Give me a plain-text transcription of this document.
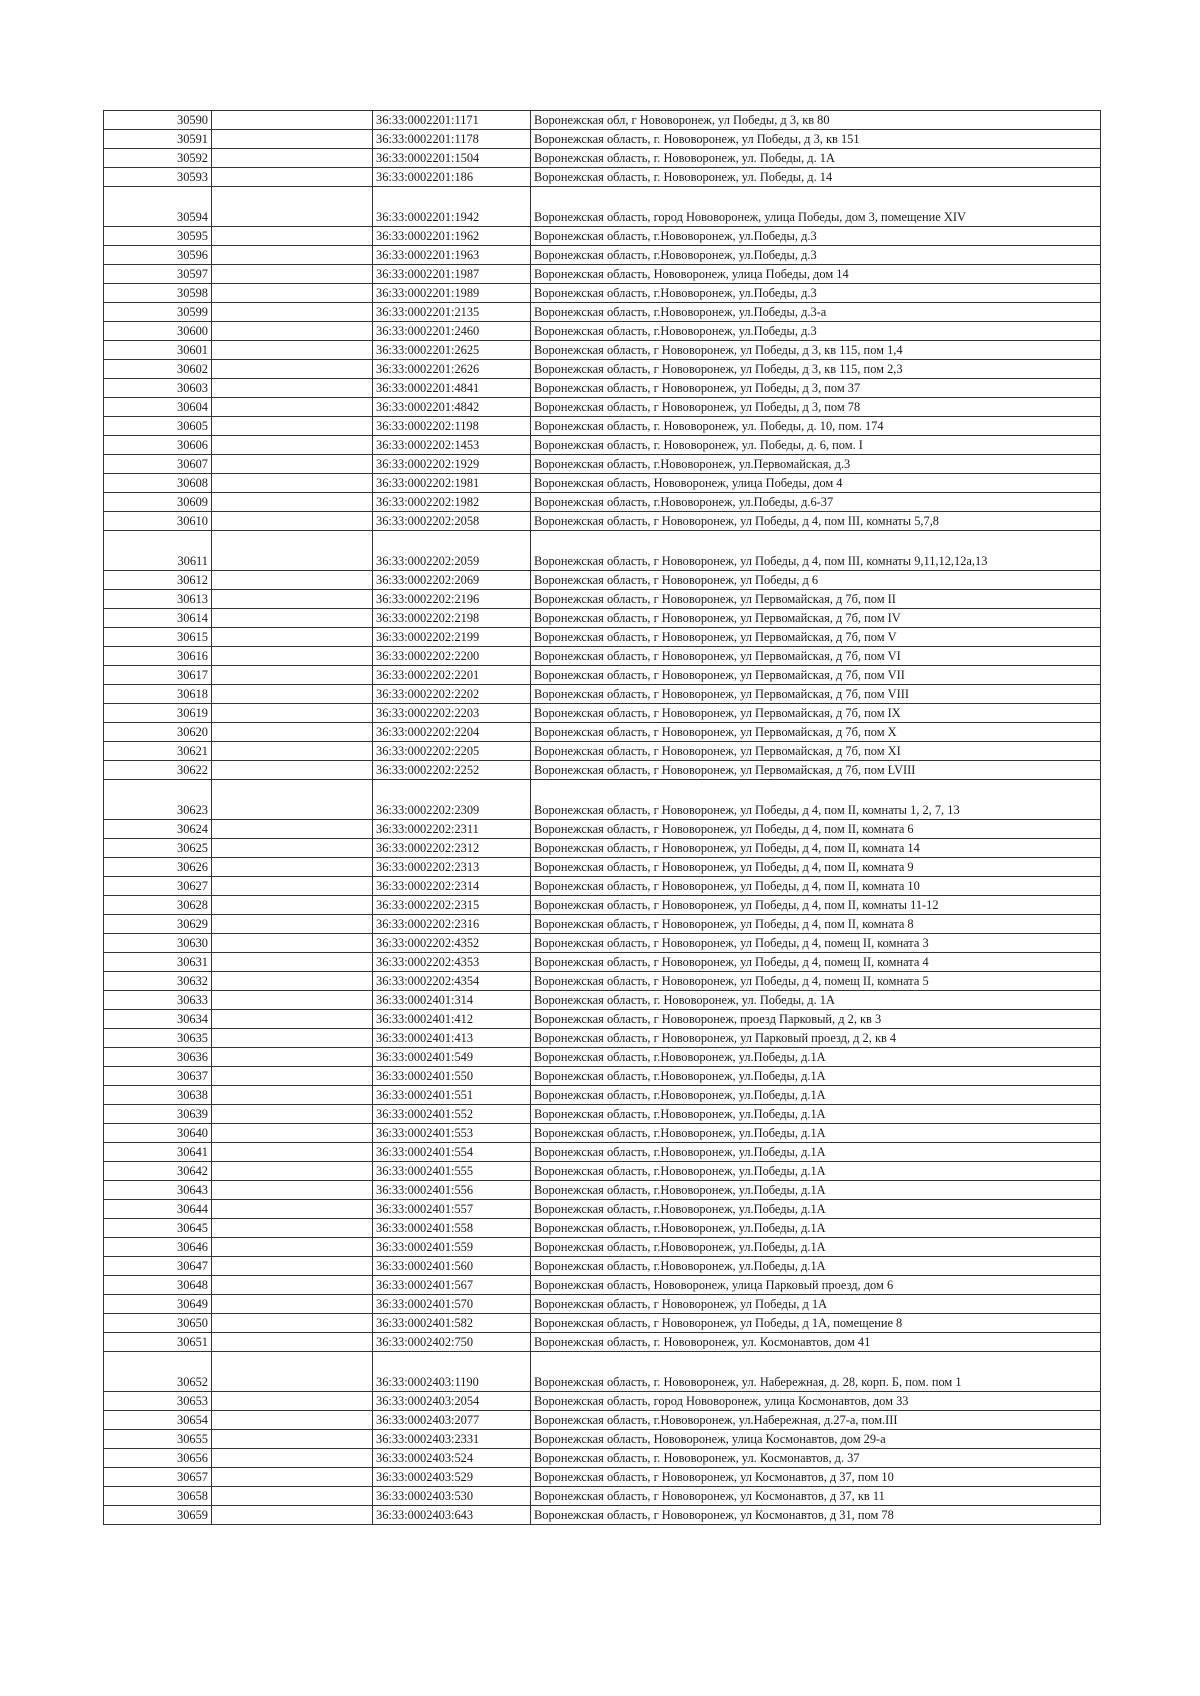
30590		36:33:0002201:1171	Воронежская обл, г Нововоронеж, ул Победы, д 3, кв 80
30591		36:33:0002201:1178	Воронежская область, г. Нововоронеж, ул Победы, д 3, кв 151
30592		36:33:0002201:1504	Воронежская область, г. Нововоронеж, ул. Победы, д. 1А
30593		36:33:0002201:186	Воронежская область, г. Нововоронеж, ул. Победы, д. 14
30594		36:33:0002201:1942	Воронежская область, город Нововоронеж, улица Победы, дом 3, помещение XIV
30595		36:33:0002201:1962	Воронежская область, г.Нововоронеж, ул.Победы, д.3
30596		36:33:0002201:1963	Воронежская область, г.Нововоронеж, ул.Победы, д.3
30597		36:33:0002201:1987	Воронежская область, Нововоронеж, улица Победы, дом 14
30598		36:33:0002201:1989	Воронежская область, г.Нововоронеж, ул.Победы, д.3
30599		36:33:0002201:2135	Воронежская область, г.Нововоронеж, ул.Победы, д.3-а
30600		36:33:0002201:2460	Воронежская область, г.Нововоронеж, ул.Победы, д.3
30601		36:33:0002201:2625	Воронежская область, г Нововоронеж, ул Победы, д 3, кв 115, пом 1,4
30602		36:33:0002201:2626	Воронежская область, г Нововоронеж, ул Победы, д 3, кв 115, пом 2,3
30603		36:33:0002201:4841	Воронежская область, г Нововоронеж, ул Победы, д 3, пом 37
30604		36:33:0002201:4842	Воронежская область, г Нововоронеж, ул Победы, д 3, пом 78
30605		36:33:0002202:1198	Воронежская область, г. Нововоронеж, ул. Победы, д. 10, пом. 174
30606		36:33:0002202:1453	Воронежская область, г. Нововоронеж, ул. Победы, д. 6, пом. I
30607		36:33:0002202:1929	Воронежская область, г.Нововоронеж, ул.Первомайская, д.3
30608		36:33:0002202:1981	Воронежская область, Нововоронеж, улица Победы, дом 4
30609		36:33:0002202:1982	Воронежская область, г.Нововоронеж, ул.Победы, д.6-37
30610		36:33:0002202:2058	Воронежская область, г Нововоронеж, ул Победы, д 4, пом III, комнаты 5,7,8
30611		36:33:0002202:2059	Воронежская область, г Нововоронеж, ул Победы, д 4, пом III, комнаты 9,11,12,12а,13
30612		36:33:0002202:2069	Воронежская область, г Нововоронеж, ул Победы, д 6
30613		36:33:0002202:2196	Воронежская область, г Нововоронеж, ул Первомайская, д 7б, пом II
30614		36:33:0002202:2198	Воронежская область, г Нововоронеж, ул Первомайская, д 7б, пом IV
30615		36:33:0002202:2199	Воронежская область, г Нововоронеж, ул Первомайская, д 7б, пом V
30616		36:33:0002202:2200	Воронежская область, г Нововоронеж, ул Первомайская, д 7б, пом VI
30617		36:33:0002202:2201	Воронежская область, г Нововоронеж, ул Первомайская, д 7б, пом VII
30618		36:33:0002202:2202	Воронежская область, г Нововоронеж, ул Первомайская, д 7б, пом VIII
30619		36:33:0002202:2203	Воронежская область, г Нововоронеж, ул Первомайская, д 7б, пом IX
30620		36:33:0002202:2204	Воронежская область, г Нововоронеж, ул Первомайская, д 7б, пом X
30621		36:33:0002202:2205	Воронежская область, г Нововоронеж, ул Первомайская, д 7б, пом XI
30622		36:33:0002202:2252	Воронежская область, г Нововоронеж, ул Первомайская, д 7б, пом LVIII
30623		36:33:0002202:2309	Воронежская область, г Нововоронеж, ул Победы, д 4, пом II, комнаты 1, 2, 7, 13
30624		36:33:0002202:2311	Воронежская область, г Нововоронеж, ул Победы, д 4, пом II, комната 6
30625		36:33:0002202:2312	Воронежская область, г Нововоронеж, ул Победы, д 4, пом II, комната 14
30626		36:33:0002202:2313	Воронежская область, г Нововоронеж, ул Победы, д 4, пом II, комната 9
30627		36:33:0002202:2314	Воронежская область, г Нововоронеж, ул Победы, д 4, пом II, комната 10
30628		36:33:0002202:2315	Воронежская область, г Нововоронеж, ул Победы, д 4, пом II, комнаты 11-12
30629		36:33:0002202:2316	Воронежская область, г Нововоронеж, ул Победы, д 4, пом II, комната 8
30630		36:33:0002202:4352	Воронежская область, г Нововоронеж, ул Победы, д 4, помещ II, комната 3
30631		36:33:0002202:4353	Воронежская область, г Нововоронеж, ул Победы, д 4, помещ II, комната 4
30632		36:33:0002202:4354	Воронежская область, г Нововоронеж, ул Победы, д 4, помещ II, комната 5
30633		36:33:0002401:314	Воронежская область, г. Нововоронеж, ул. Победы, д. 1А
30634		36:33:0002401:412	Воронежская область, г Нововоронеж, проезд Парковый, д 2, кв 3
30635		36:33:0002401:413	Воронежская область, г Нововоронеж, ул Парковый проезд, д 2, кв 4
30636		36:33:0002401:549	Воронежская область, г.Нововоронеж, ул.Победы, д.1А
30637		36:33:0002401:550	Воронежская область, г.Нововоронеж, ул.Победы, д.1А
30638		36:33:0002401:551	Воронежская область, г.Нововоронеж, ул.Победы, д.1А
30639		36:33:0002401:552	Воронежская область, г.Нововоронеж, ул.Победы, д.1А
30640		36:33:0002401:553	Воронежская область, г.Нововоронеж, ул.Победы, д.1А
30641		36:33:0002401:554	Воронежская область, г.Нововоронеж, ул.Победы, д.1А
30642		36:33:0002401:555	Воронежская область, г.Нововоронеж, ул.Победы, д.1А
30643		36:33:0002401:556	Воронежская область, г.Нововоронеж, ул.Победы, д.1А
30644		36:33:0002401:557	Воронежская область, г.Нововоронеж, ул.Победы, д.1А
30645		36:33:0002401:558	Воронежская область, г.Нововоронеж, ул.Победы, д.1А
30646		36:33:0002401:559	Воронежская область, г.Нововоронеж, ул.Победы, д.1А
30647		36:33:0002401:560	Воронежская область, г.Нововоронеж, ул.Победы, д.1А
30648		36:33:0002401:567	Воронежская область, Нововоронеж, улица Парковый проезд, дом 6
30649		36:33:0002401:570	Воронежская область, г Нововоронеж, ул Победы, д 1А
30650		36:33:0002401:582	Воронежская область, г Нововоронеж, ул Победы, д 1А, помещение 8
30651		36:33:0002402:750	Воронежская область, г. Нововоронеж, ул. Космонавтов, дом 41
30652		36:33:0002403:1190	Воронежская область, г. Нововоронеж, ул. Набережная, д. 28, корп. Б, пом. пом 1
30653		36:33:0002403:2054	Воронежская область, город Нововоронеж, улица Космонавтов, дом 33
30654		36:33:0002403:2077	Воронежская область, г.Нововоронеж, ул.Набережная, д.27-а, пом.III
30655		36:33:0002403:2331	Воронежская область, Нововоронеж, улица Космонавтов, дом 29-а
30656		36:33:0002403:524	Воронежская область, г. Нововоронеж, ул. Космонавтов, д. 37
30657		36:33:0002403:529	Воронежская область, г Нововоронеж, ул Космонавтов, д 37, пом 10
30658		36:33:0002403:530	Воронежская область, г Нововоронеж, ул Космонавтов, д 37, кв 11
30659		36:33:0002403:643	Воронежская область, г Нововоронеж, ул Космонавтов, д 31, пом 78
